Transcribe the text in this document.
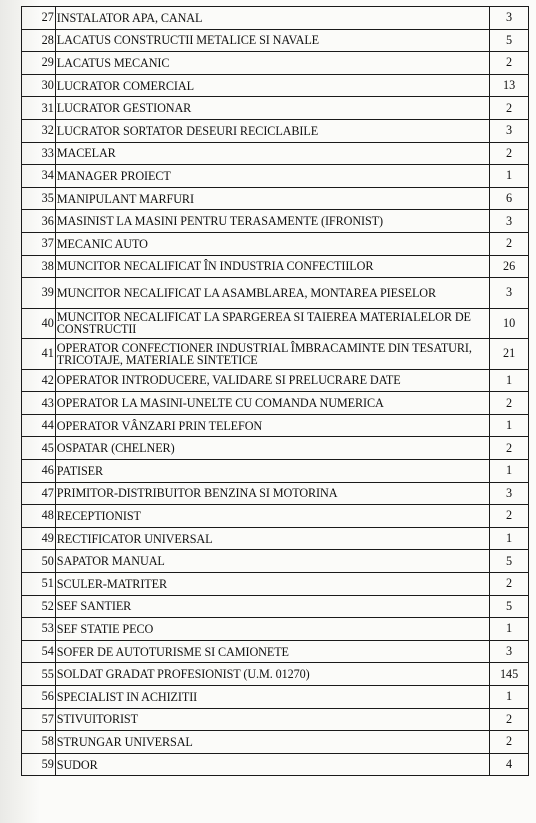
27	INSTALATOR APA, CANAL	3
28	LACATUS CONSTRUCTII METALICE SI NAVALE	5
29	LACATUS MECANIC	2
30	LUCRATOR COMERCIAL	13
31	LUCRATOR GESTIONAR	2
32	LUCRATOR SORTATOR DESEURI RECICLABILE	3
33	MACELAR	2
34	MANAGER PROIECT	1
35	MANIPULANT MARFURI	6
36	MASINIST LA MASINI PENTRU TERASAMENTE (IFRONIST)	3
37	MECANIC AUTO	2
38	MUNCITOR NECALIFICAT ÎN INDUSTRIA CONFECTIILOR	26
39	MUNCITOR NECALIFICAT LA ASAMBLAREA, MONTAREA PIESELOR	3
40	MUNCITOR NECALIFICAT LA SPARGEREA SI TAIEREA MATERIALELOR DE CONSTRUCTII	10
41	OPERATOR CONFECTIONER INDUSTRIAL ÎMBRACAMINTE DIN TESATURI, TRICOTAJE, MATERIALE SINTETICE	21
42	OPERATOR INTRODUCERE, VALIDARE SI PRELUCRARE DATE	1
43	OPERATOR LA MASINI-UNELTE CU COMANDA NUMERICA	2
44	OPERATOR VÂNZARI PRIN TELEFON	1
45	OSPATAR (CHELNER)	2
46	PATISER	1
47	PRIMITOR-DISTRIBUITOR BENZINA SI MOTORINA	3
48	RECEPTIONIST	2
49	RECTIFICATOR UNIVERSAL	1
50	SAPATOR MANUAL	5
51	SCULER-MATRITER	2
52	SEF SANTIER	5
53	SEF STATIE PECO	1
54	SOFER DE AUTOTURISME SI CAMIONETE	3
55	SOLDAT GRADAT PROFESIONIST (U.M. 01270)	145
56	SPECIALIST IN ACHIZITII	1
57	STIVUITORIST	2
58	STRUNGAR UNIVERSAL	2
59	SUDOR	4
